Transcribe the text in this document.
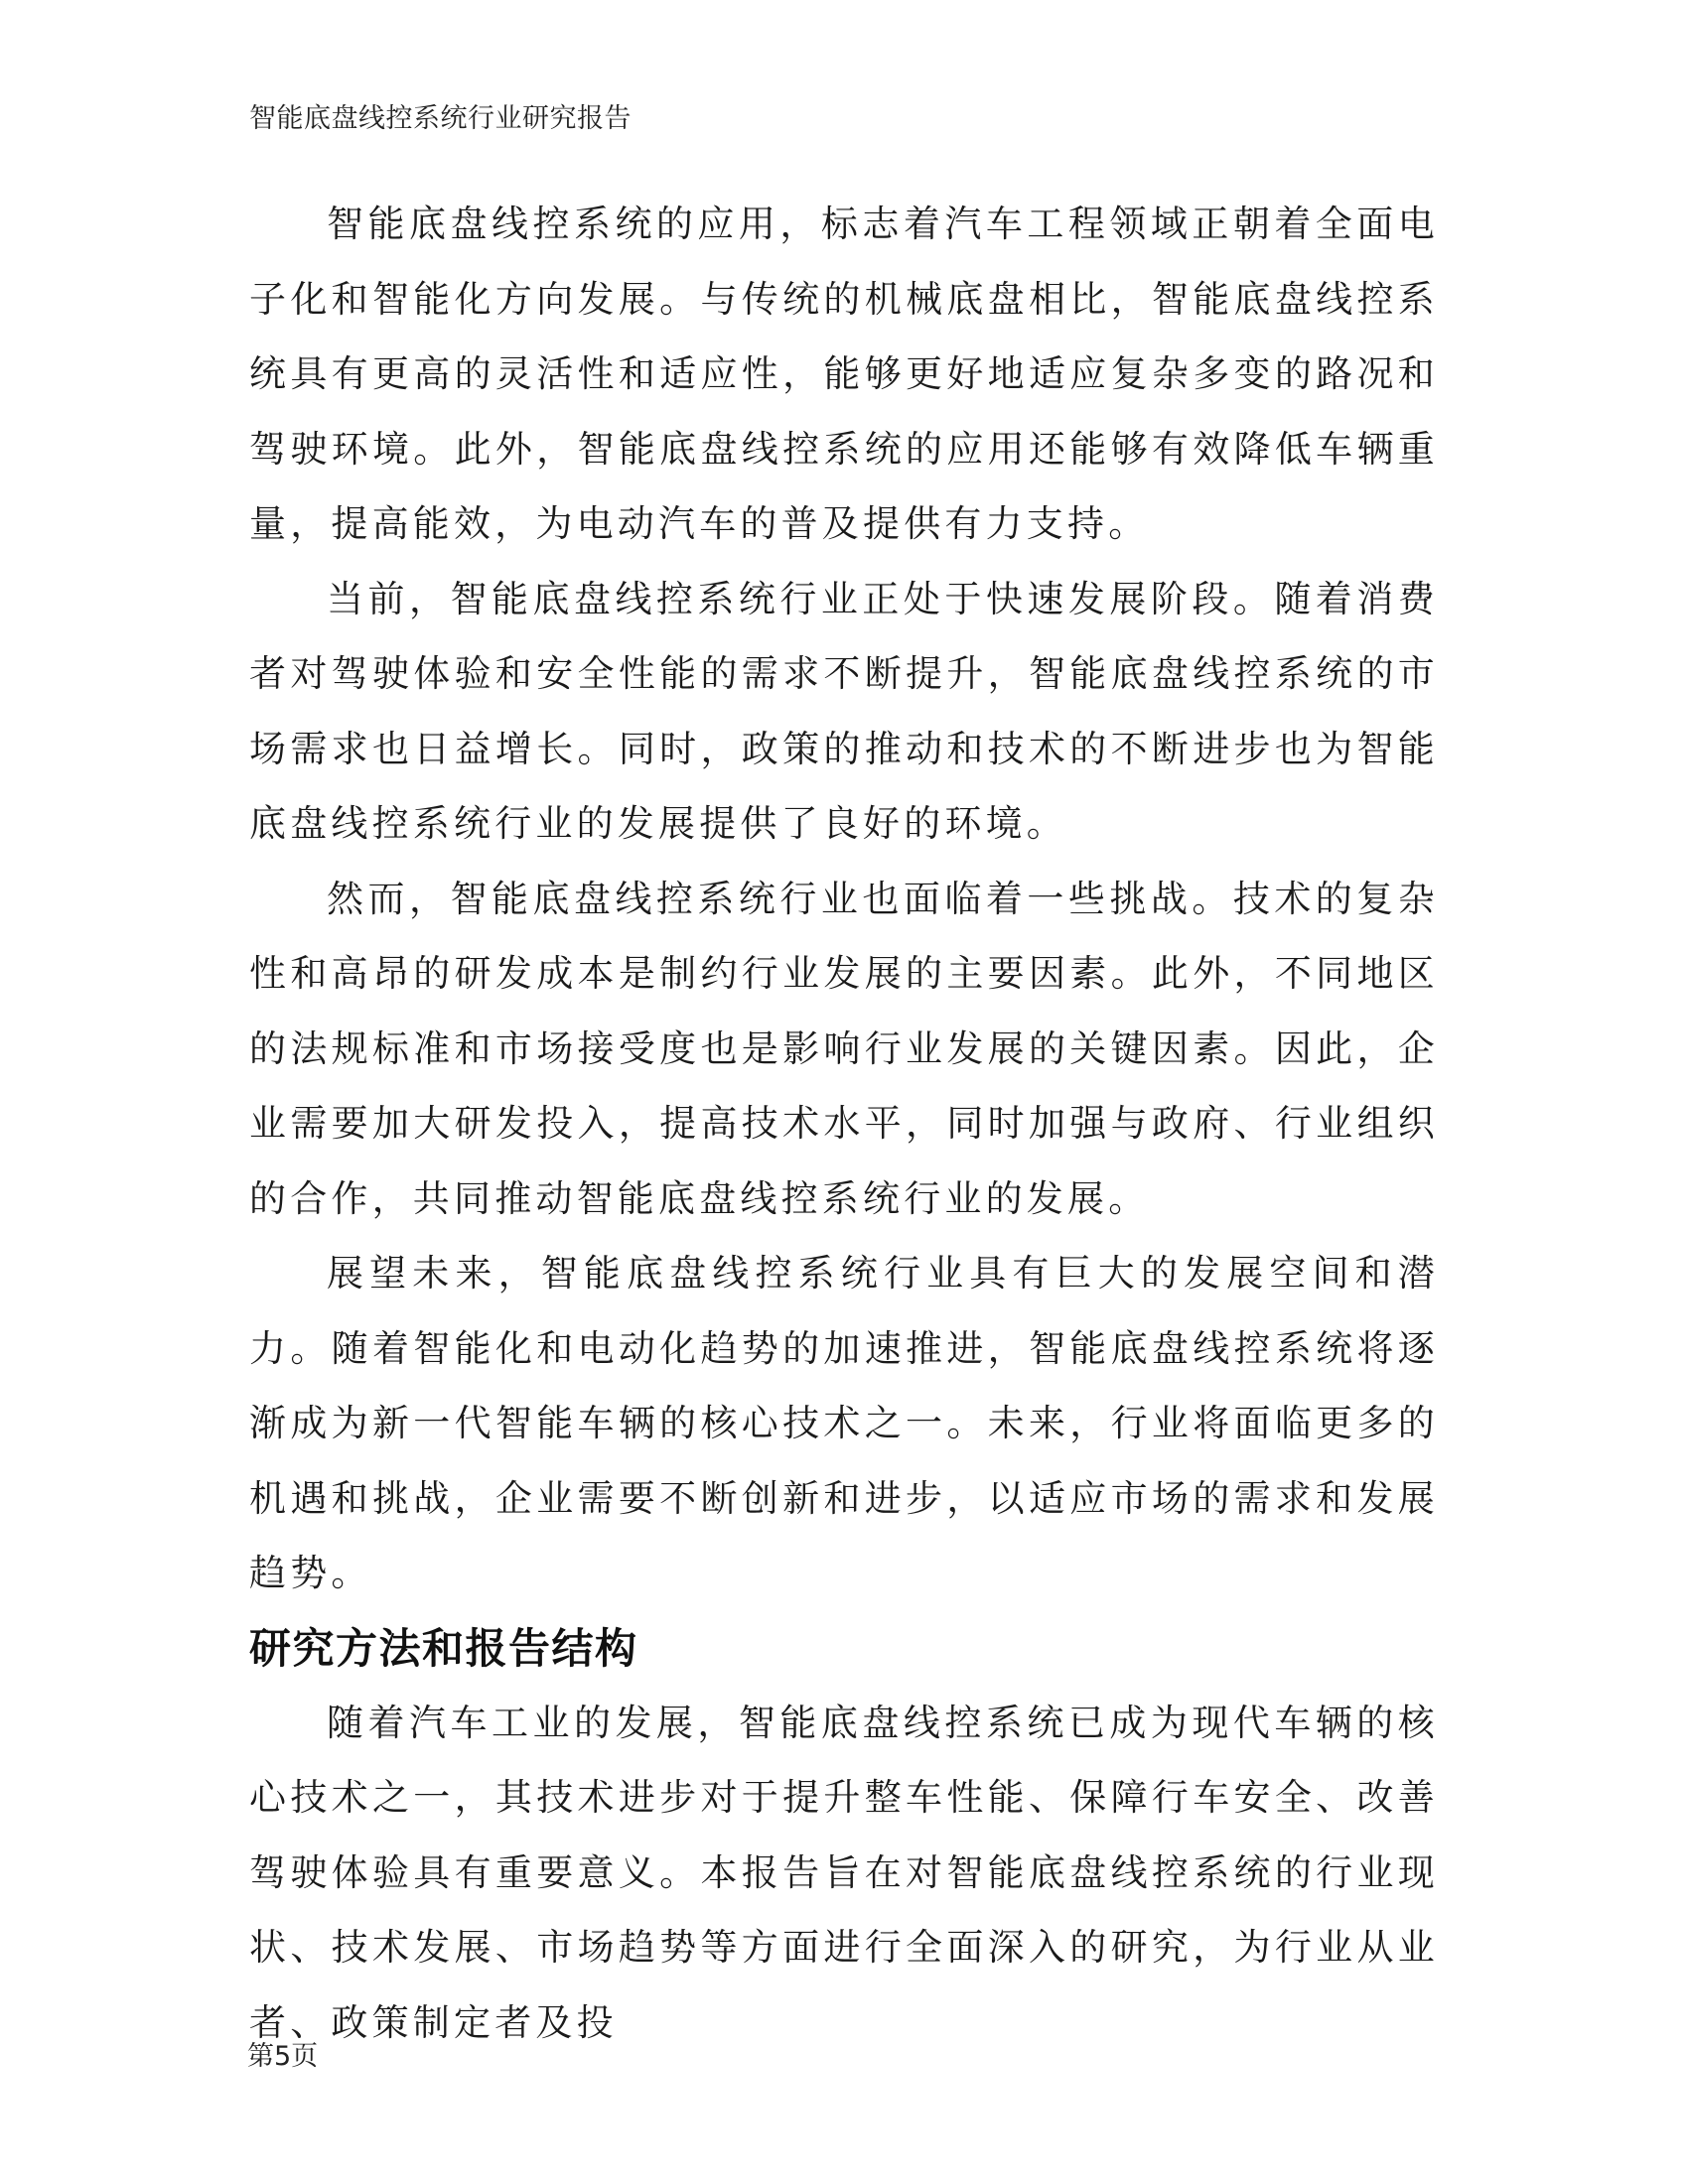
智能底盘线控系统行业研究报告

智能底盘线控系统的应用，标志着汽车工程领域正朝着全面电子化和智能化方向发展。与传统的机械底盘相比，智能底盘线控系统具有更高的灵活性和适应性，能够更好地适应复杂多变的路况和驾驶环境。此外，智能底盘线控系统的应用还能够有效降低车辆重量，提高能效，为电动汽车的普及提供有力支持。

当前，智能底盘线控系统行业正处于快速发展阶段。随着消费者对驾驶体验和安全性能的需求不断提升，智能底盘线控系统的市场需求也日益增长。同时，政策的推动和技术的不断进步也为智能底盘线控系统行业的发展提供了良好的环境。

然而，智能底盘线控系统行业也面临着一些挑战。技术的复杂性和高昂的研发成本是制约行业发展的主要因素。此外，不同地区的法规标准和市场接受度也是影响行业发展的关键因素。因此，企业需要加大研发投入，提高技术水平，同时加强与政府、行业组织的合作，共同推动智能底盘线控系统行业的发展。

展望未来，智能底盘线控系统行业具有巨大的发展空间和潜力。随着智能化和电动化趋势的加速推进，智能底盘线控系统将逐渐成为新一代智能车辆的核心技术之一。未来，行业将面临更多的机遇和挑战，企业需要不断创新和进步，以适应市场的需求和发展趋势。

研究方法和报告结构

随着汽车工业的发展，智能底盘线控系统已成为现代车辆的核心技术之一，其技术进步对于提升整车性能、保障行车安全、改善驾驶体验具有重要意义。本报告旨在对智能底盘线控系统的行业现状、技术发展、市场趋势等方面进行全面深入的研究，为行业从业者、政策制定者及投

第5页
